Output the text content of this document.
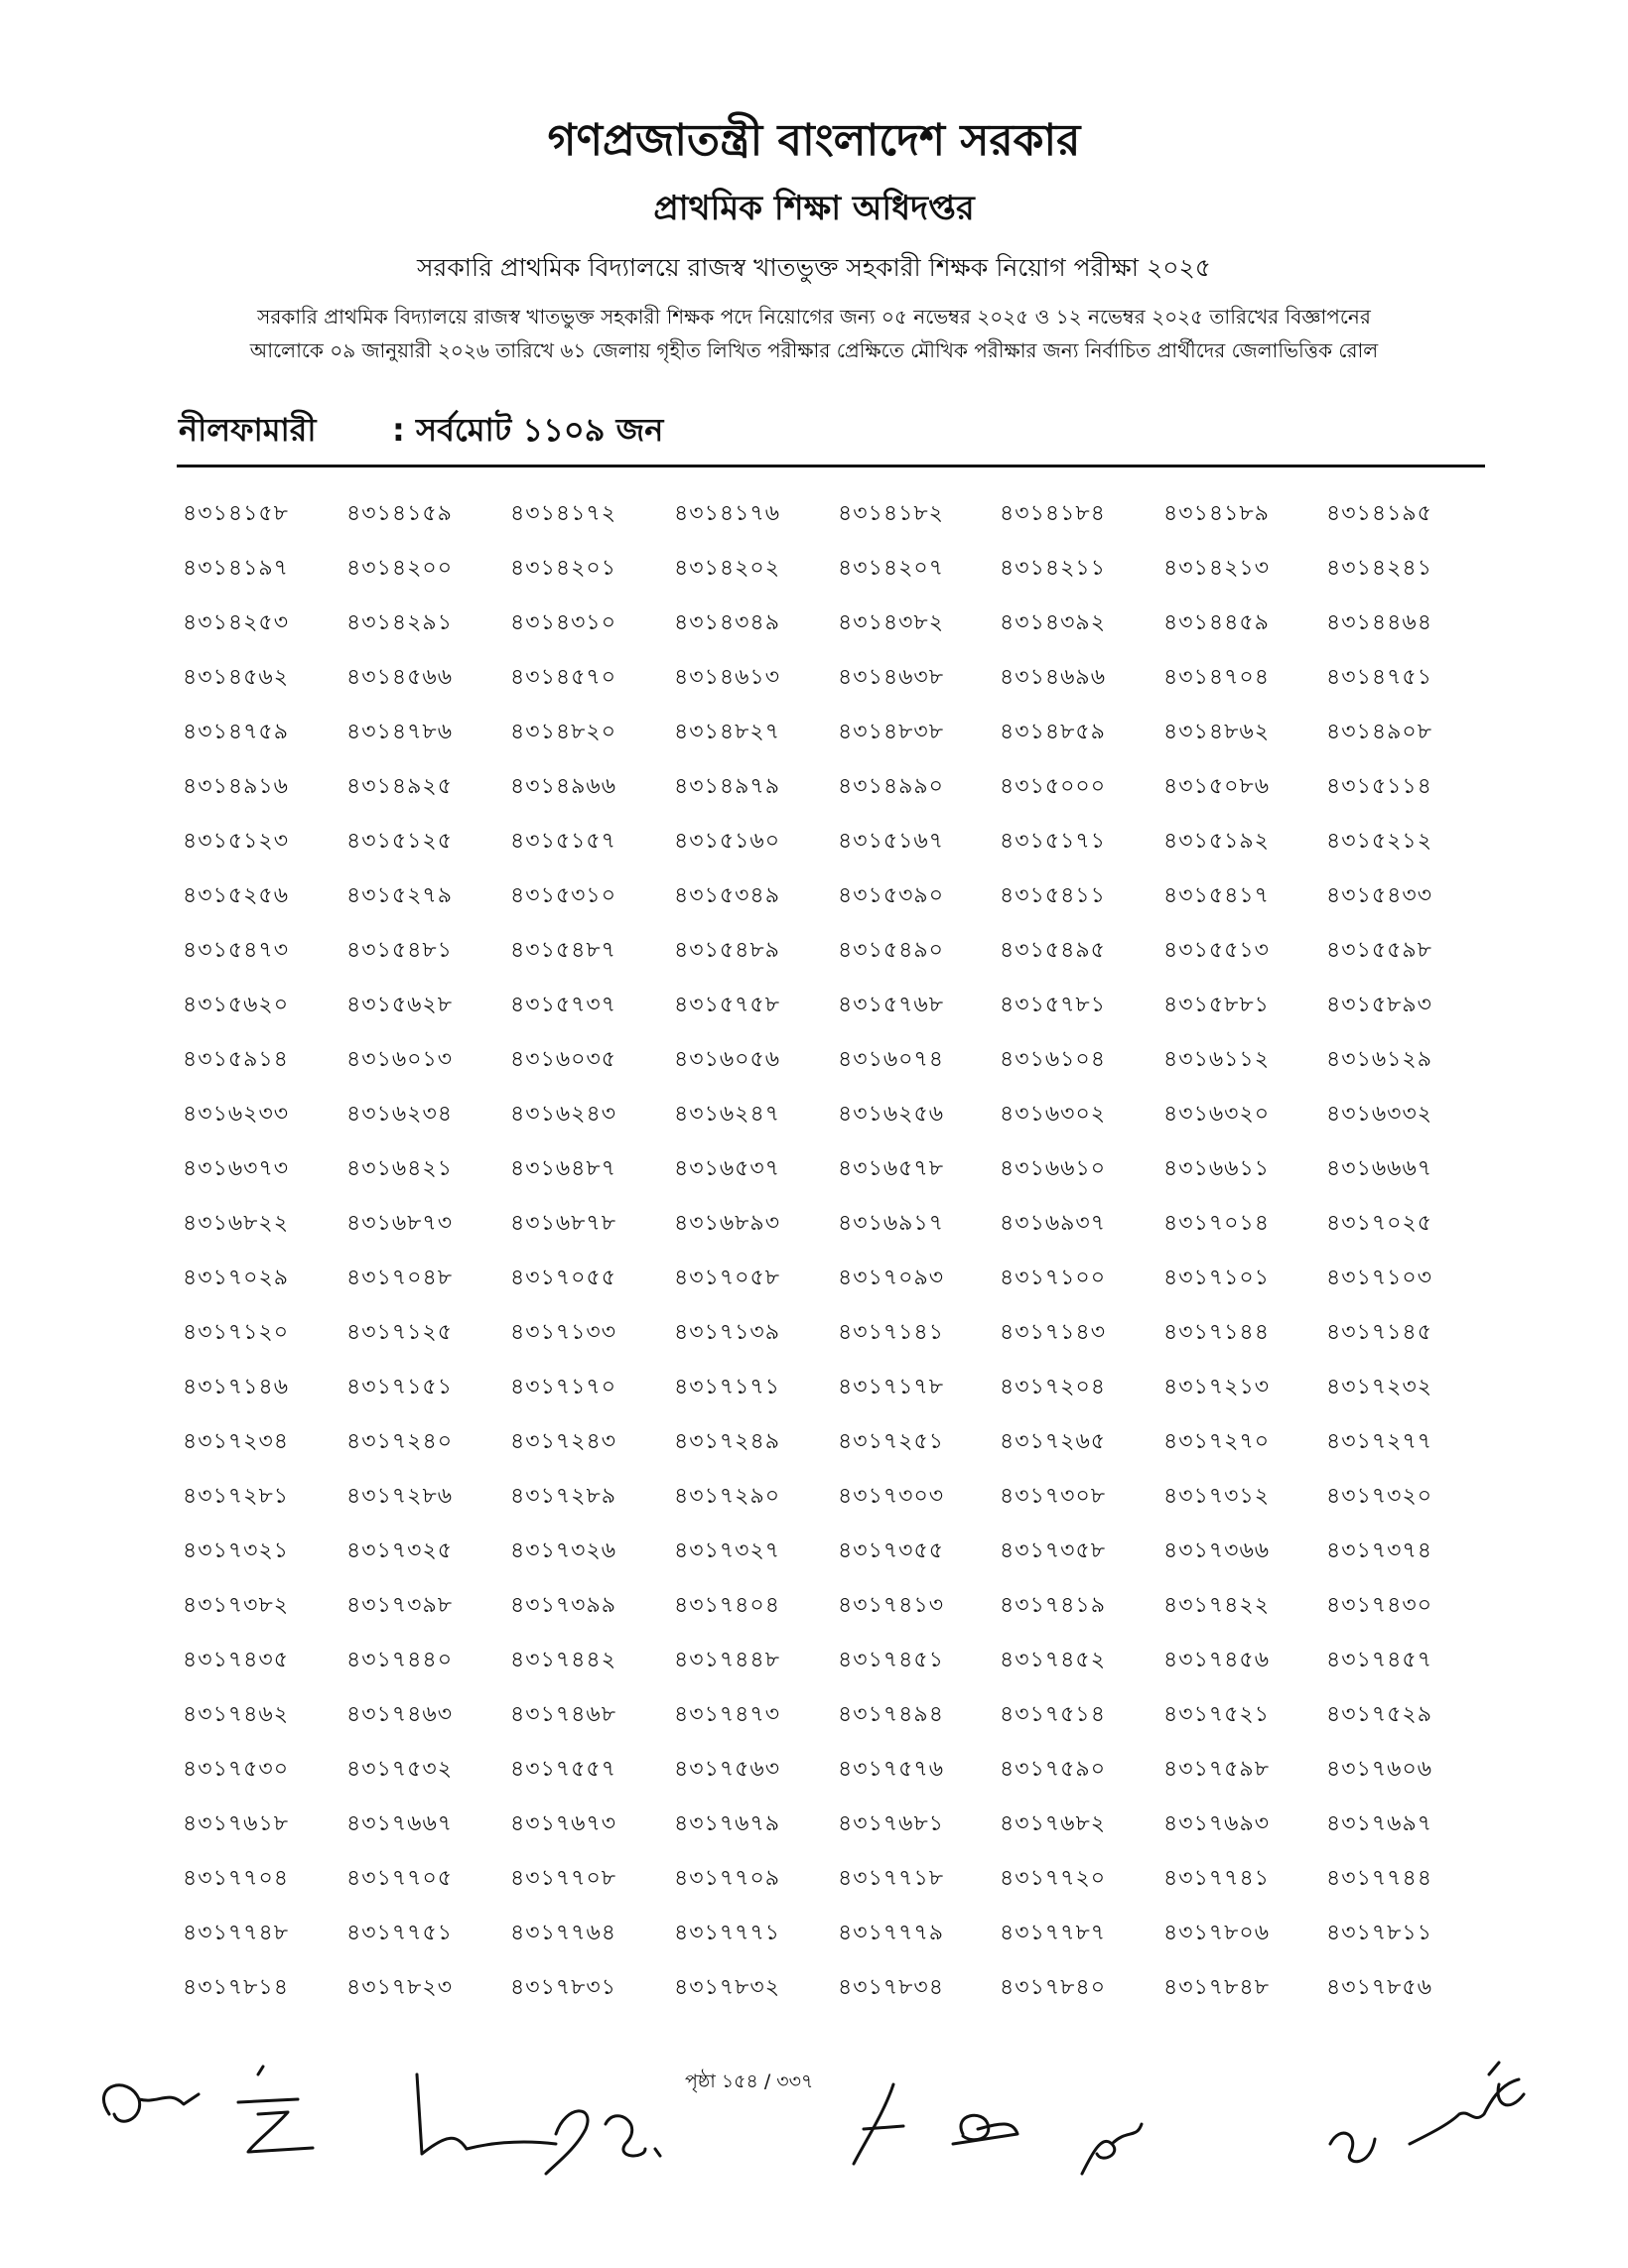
গণপ্রজাতন্ত্রী বাংলাদেশ সরকার
প্রাথমিক শিক্ষা অধিদপ্তর
সরকারি প্রাথমিক বিদ্যালয়ে রাজস্ব খাতভুক্ত সহকারী শিক্ষক নিয়োগ পরীক্ষা ২০২৫
সরকারি প্রাথমিক বিদ্যালয়ে রাজস্ব খাতভুক্ত সহকারী শিক্ষক পদে নিয়োগের জন্য ০৫ নভেম্বর ২০২৫ ও ১২ নভেম্বর ২০২৫ তারিখের বিজ্ঞাপনের
আলোকে ০৯ জানুয়ারী ২০২৬ তারিখে ৬১ জেলায় গৃহীত লিখিত পরীক্ষার প্রেক্ষিতে মৌখিক পরীক্ষার জন্য নির্বাচিত প্রার্থীদের জেলাভিত্তিক রোল
নীলফামারী : সর্বমোট ১১০৯ জন
৪৩১৪১৫৮	৪৩১৪১৫৯	৪৩১৪১৭২	৪৩১৪১৭৬	৪৩১৪১৮২	৪৩১৪১৮৪	৪৩১৪১৮৯	৪৩১৪১৯৫
৪৩১৪১৯৭	৪৩১৪২০০	৪৩১৪২০১	৪৩১৪২০২	৪৩১৪২০৭	৪৩১৪২১১	৪৩১৪২১৩	৪৩১৪২৪১
৪৩১৪২৫৩	৪৩১৪২৯১	৪৩১৪৩১০	৪৩১৪৩৪৯	৪৩১৪৩৮২	৪৩১৪৩৯২	৪৩১৪৪৫৯	৪৩১৪৪৬৪
৪৩১৪৫৬২	৪৩১৪৫৬৬	৪৩১৪৫৭০	৪৩১৪৬১৩	৪৩১৪৬৩৮	৪৩১৪৬৯৬	৪৩১৪৭০৪	৪৩১৪৭৫১
৪৩১৪৭৫৯	৪৩১৪৭৮৬	৪৩১৪৮২০	৪৩১৪৮২৭	৪৩১৪৮৩৮	৪৩১৪৮৫৯	৪৩১৪৮৬২	৪৩১৪৯০৮
৪৩১৪৯১৬	৪৩১৪৯২৫	৪৩১৪৯৬৬	৪৩১৪৯৭৯	৪৩১৪৯৯০	৪৩১৫০০০	৪৩১৫০৮৬	৪৩১৫১১৪
৪৩১৫১২৩	৪৩১৫১২৫	৪৩১৫১৫৭	৪৩১৫১৬০	৪৩১৫১৬৭	৪৩১৫১৭১	৪৩১৫১৯২	৪৩১৫২১২
৪৩১৫২৫৬	৪৩১৫২৭৯	৪৩১৫৩১০	৪৩১৫৩৪৯	৪৩১৫৩৯০	৪৩১৫৪১১	৪৩১৫৪১৭	৪৩১৫৪৩৩
৪৩১৫৪৭৩	৪৩১৫৪৮১	৪৩১৫৪৮৭	৪৩১৫৪৮৯	৪৩১৫৪৯০	৪৩১৫৪৯৫	৪৩১৫৫১৩	৪৩১৫৫৯৮
৪৩১৫৬২০	৪৩১৫৬২৮	৪৩১৫৭৩৭	৪৩১৫৭৫৮	৪৩১৫৭৬৮	৪৩১৫৭৮১	৪৩১৫৮৮১	৪৩১৫৮৯৩
৪৩১৫৯১৪	৪৩১৬০১৩	৪৩১৬০৩৫	৪৩১৬০৫৬	৪৩১৬০৭৪	৪৩১৬১০৪	৪৩১৬১১২	৪৩১৬১২৯
৪৩১৬২৩৩	৪৩১৬২৩৪	৪৩১৬২৪৩	৪৩১৬২৪৭	৪৩১৬২৫৬	৪৩১৬৩০২	৪৩১৬৩২০	৪৩১৬৩৩২
৪৩১৬৩৭৩	৪৩১৬৪২১	৪৩১৬৪৮৭	৪৩১৬৫৩৭	৪৩১৬৫৭৮	৪৩১৬৬১০	৪৩১৬৬১১	৪৩১৬৬৬৭
৪৩১৬৮২২	৪৩১৬৮৭৩	৪৩১৬৮৭৮	৪৩১৬৮৯৩	৪৩১৬৯১৭	৪৩১৬৯৩৭	৪৩১৭০১৪	৪৩১৭০২৫
৪৩১৭০২৯	৪৩১৭০৪৮	৪৩১৭০৫৫	৪৩১৭০৫৮	৪৩১৭০৯৩	৪৩১৭১০০	৪৩১৭১০১	৪৩১৭১০৩
৪৩১৭১২০	৪৩১৭১২৫	৪৩১৭১৩৩	৪৩১৭১৩৯	৪৩১৭১৪১	৪৩১৭১৪৩	৪৩১৭১৪৪	৪৩১৭১৪৫
৪৩১৭১৪৬	৪৩১৭১৫১	৪৩১৭১৭০	৪৩১৭১৭১	৪৩১৭১৭৮	৪৩১৭২০৪	৪৩১৭২১৩	৪৩১৭২৩২
৪৩১৭২৩৪	৪৩১৭২৪০	৪৩১৭২৪৩	৪৩১৭২৪৯	৪৩১৭২৫১	৪৩১৭২৬৫	৪৩১৭২৭০	৪৩১৭২৭৭
৪৩১৭২৮১	৪৩১৭২৮৬	৪৩১৭২৮৯	৪৩১৭২৯০	৪৩১৭৩০৩	৪৩১৭৩০৮	৪৩১৭৩১২	৪৩১৭৩২০
৪৩১৭৩২১	৪৩১৭৩২৫	৪৩১৭৩২৬	৪৩১৭৩২৭	৪৩১৭৩৫৫	৪৩১৭৩৫৮	৪৩১৭৩৬৬	৪৩১৭৩৭৪
৪৩১৭৩৮২	৪৩১৭৩৯৮	৪৩১৭৩৯৯	৪৩১৭৪০৪	৪৩১৭৪১৩	৪৩১৭৪১৯	৪৩১৭৪২২	৪৩১৭৪৩০
৪৩১৭৪৩৫	৪৩১৭৪৪০	৪৩১৭৪৪২	৪৩১৭৪৪৮	৪৩১৭৪৫১	৪৩১৭৪৫২	৪৩১৭৪৫৬	৪৩১৭৪৫৭
৪৩১৭৪৬২	৪৩১৭৪৬৩	৪৩১৭৪৬৮	৪৩১৭৪৭৩	৪৩১৭৪৯৪	৪৩১৭৫১৪	৪৩১৭৫২১	৪৩১৭৫২৯
৪৩১৭৫৩০	৪৩১৭৫৩২	৪৩১৭৫৫৭	৪৩১৭৫৬৩	৪৩১৭৫৭৬	৪৩১৭৫৯০	৪৩১৭৫৯৮	৪৩১৭৬০৬
৪৩১৭৬১৮	৪৩১৭৬৬৭	৪৩১৭৬৭৩	৪৩১৭৬৭৯	৪৩১৭৬৮১	৪৩১৭৬৮২	৪৩১৭৬৯৩	৪৩১৭৬৯৭
৪৩১৭৭০৪	৪৩১৭৭০৫	৪৩১৭৭০৮	৪৩১৭৭০৯	৪৩১৭৭১৮	৪৩১৭৭২০	৪৩১৭৭৪১	৪৩১৭৭৪৪
৪৩১৭৭৪৮	৪৩১৭৭৫১	৪৩১৭৭৬৪	৪৩১৭৭৭১	৪৩১৭৭৭৯	৪৩১৭৭৮৭	৪৩১৭৮০৬	৪৩১৭৮১১
৪৩১৭৮১৪	৪৩১৭৮২৩	৪৩১৭৮৩১	৪৩১৭৮৩২	৪৩১৭৮৩৪	৪৩১৭৮৪০	৪৩১৭৮৪৮	৪৩১৭৮৫৬
পৃষ্ঠা ১৫৪ / ৩৩৭
